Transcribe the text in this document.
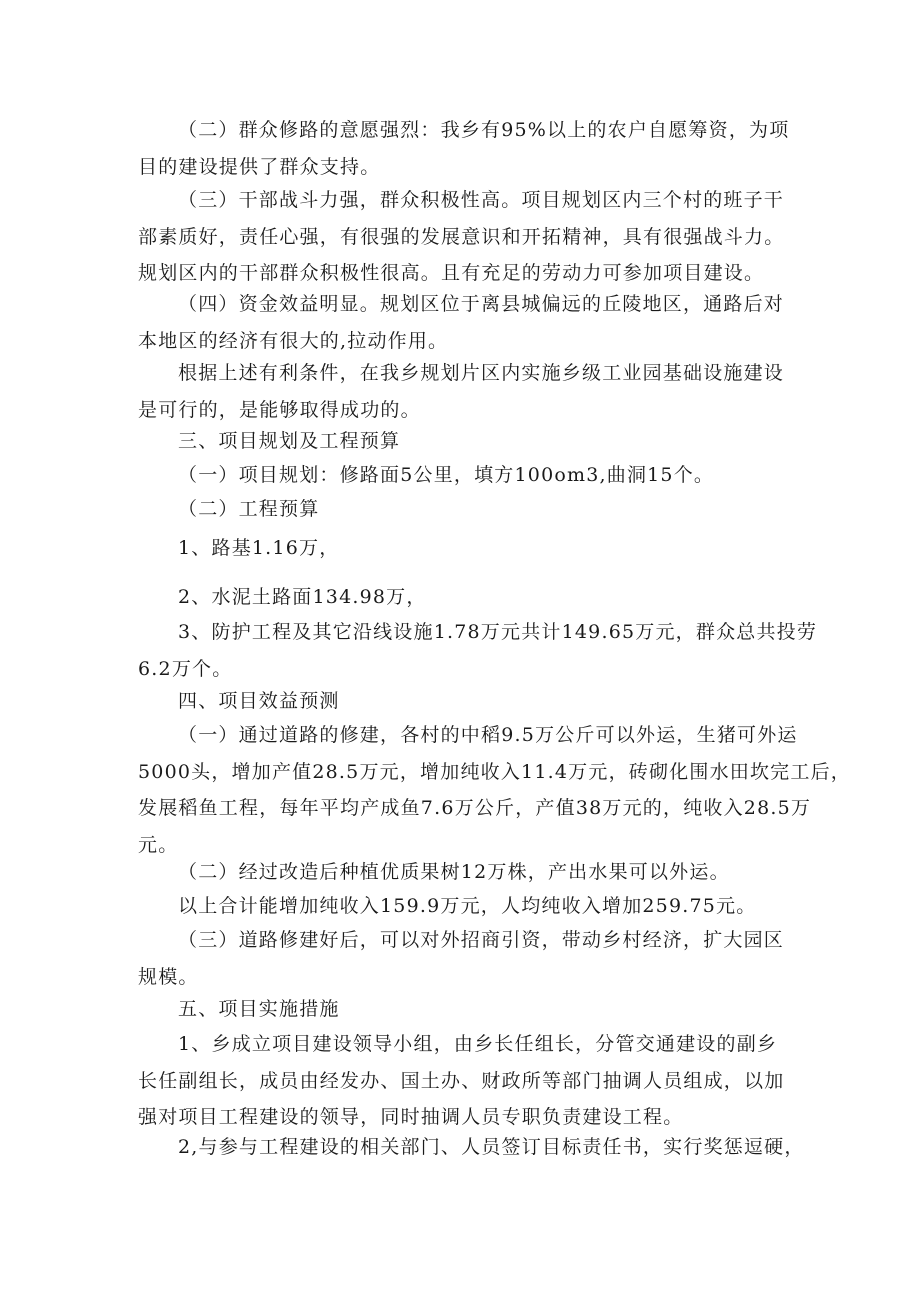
（二）群众修路的意愿强烈：我乡有95%以上的农户自愿筹资，为项
目的建设提供了群众支持。

（三）干部战斗力强，群众积极性高。项目规划区内三个村的班子干
部素质好，责任心强，有很强的发展意识和开拓精神，具有很强战斗力。
规划区内的干部群众积极性很高。且有充足的劳动力可参加项目建设。

（四）资金效益明显。规划区位于离县城偏远的丘陵地区，通路后对
本地区的经济有很大的,拉动作用。

根据上述有利条件，在我乡规划片区内实施乡级工业园基础设施建设
是可行的，是能够取得成功的。

三、项目规划及工程预算

（一）项目规划：修路面5公里，填方100om3,曲洞15个。

（二）工程预算

1、路基1.16万，

2、水泥土路面134.98万，

3、防护工程及其它沿线设施1.78万元共计149.65万元，群众总共投劳
6.2万个。

四、项目效益预测

（一）通过道路的修建，各村的中稻9.5万公斤可以外运，生猪可外运
5000头，增加产值28.5万元，增加纯收入11.4万元，砖砌化围水田坎完工后，
发展稻鱼工程，每年平均产成鱼7.6万公斤，产值38万元的，纯收入28.5万
元。

（二）经过改造后种植优质果树12万株，产出水果可以外运。

以上合计能增加纯收入159.9万元，人均纯收入增加259.75元。

（三）道路修建好后，可以对外招商引资，带动乡村经济，扩大园区
规模。

五、项目实施措施

1、乡成立项目建设领导小组，由乡长任组长，分管交通建设的副乡
长任副组长，成员由经发办、国土办、财政所等部门抽调人员组成，以加
强对项目工程建设的领导，同时抽调人员专职负责建设工程。

2,与参与工程建设的相关部门、人员签订目标责任书，实行奖惩逗硬，
